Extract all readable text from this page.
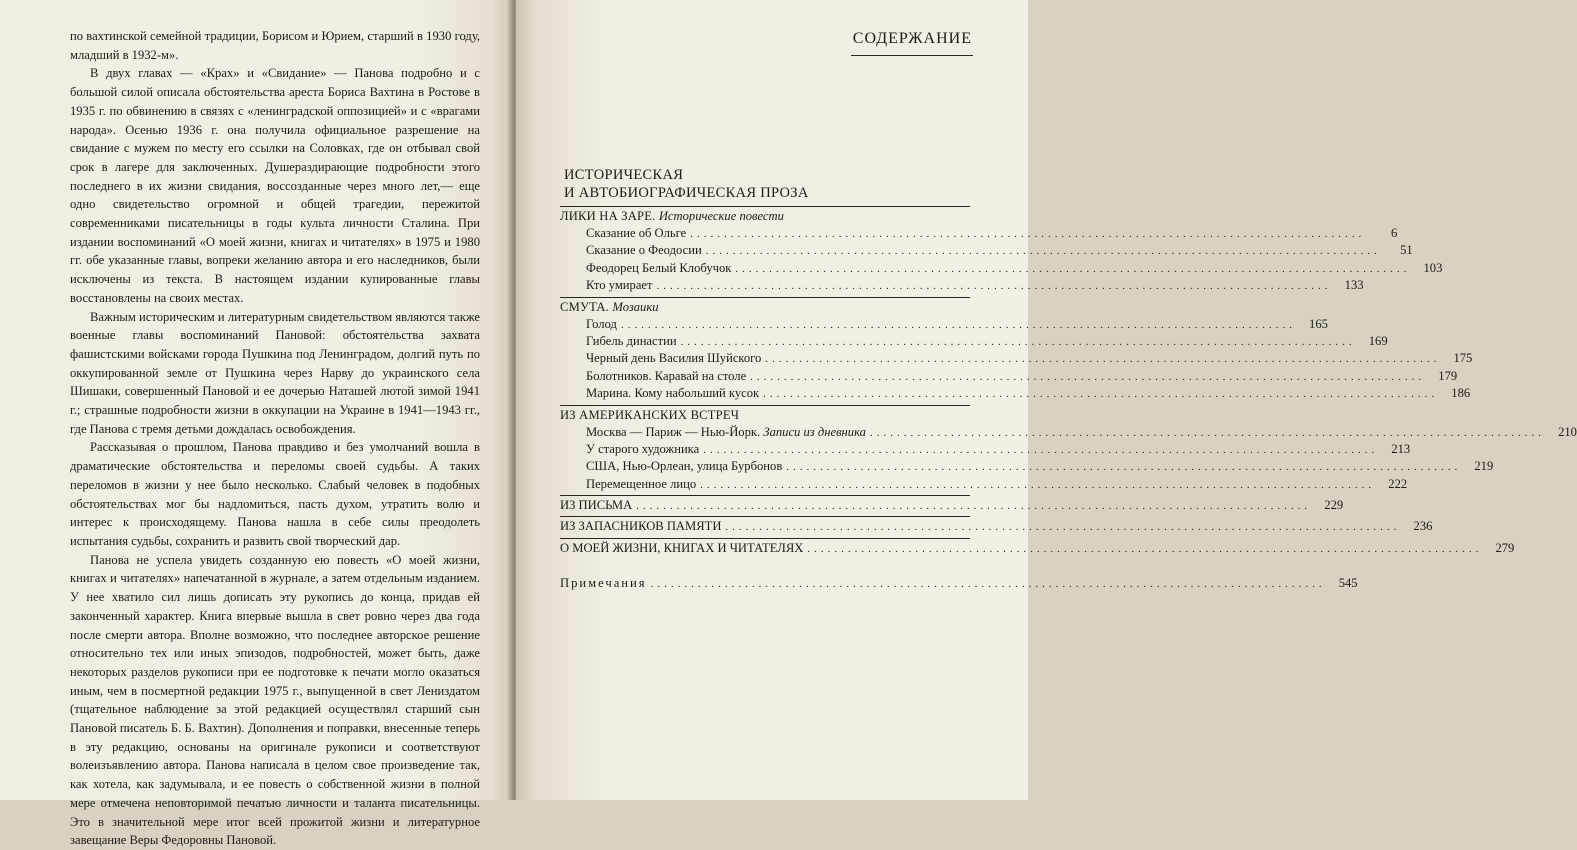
по вахтинской семейной традиции, Борисом и Юрием, старший в 1930 году, младший в 1932-м».

В двух главах — «Крах» и «Свидание» — Панова подробно и с большой силой описала обстоятельства ареста Бориса Вахтина в Ростове в 1935 г. по обвинению в связях с «ленинградской оппозицией» и с «врагами народа». Осенью 1936 г. она получила официальное разрешение на свидание с мужем по месту его ссылки на Соловках, где он отбывал свой срок в лагере для заключенных. Душераздирающие подробности этого последнего в их жизни свидания, воссозданные через много лет,— еще одно свидетельство огромной и общей трагедии, пережитой современниками писательницы в годы культа личности Сталина. При издании воспоминаний «О моей жизни, книгах и читателях» в 1975 и 1980 гг. обе указанные главы, вопреки желанию автора и его наследников, были исключены из текста. В настоящем издании купированные главы восстановлены на своих местах.

Важным историческим и литературным свидетельством являются также военные главы воспоминаний Пановой: обстоятельства захвата фашистскими войсками города Пушкина под Ленинградом, долгий путь по оккупированной земле от Пушкина через Нарву до украинского села Шишаки, совершенный Пановой и ее дочерью Наташей лютой зимой 1941 г.; страшные подробности жизни в оккупации на Украине в 1941—1943 гг., где Панова с тремя детьми дождалась освобождения.

Рассказывая о прошлом, Панова правдиво и без умолчаний вошла в драматические обстоятельства и переломы своей судьбы. А таких переломов в жизни у нее было несколько. Слабый человек в подобных обстоятельствах мог бы надломиться, пасть духом, утратить волю и интерес к происходящему. Панова нашла в себе силы преодолеть испытания судьбы, сохранить и развить свой творческий дар.

Панова не успела увидеть созданную ею повесть «О моей жизни, книгах и читателях» напечатанной в журнале, а затем отдельным изданием. У нее хватило сил лишь дописать эту рукопись до конца, придав ей законченный характер. Книга впервые вышла в свет ровно через два года после смерти автора. Вполне возможно, что последнее авторское решение относительно тех или иных эпизодов, подробностей, может быть, даже некоторых разделов рукописи при ее подготовке к печати могло оказаться иным, чем в посмертной редакции 1975 г., выпущенной в свет Лениздатом (тщательное наблюдение за этой редакцией осуществлял старший сын Пановой писатель Б. Б. Вахтин). Дополнения и поправки, внесенные теперь в эту редакцию, основаны на оригинале рукописи и соответствуют волеизъявлению автора. Панова написала в целом свое произведение так, как хотела, как задумывала, и ее повесть о собственной жизни в полной мере отмечена неповторимой печатью личности и таланта писательницы. Это в значительной мере итог всей прожитой жизни и литературное завещание Веры Федоровны Пановой.

СОДЕРЖАНИЕ
ИСТОРИЧЕСКАЯ
И АВТОБИОГРАФИЧЕСКАЯ ПРОЗА
ЛИКИ НА ЗАРЕ. Исторические повести
Сказание об Ольге ....................................................................................................	6
Сказание о Феодосии ....................................................................................................	51
Феодорец Белый Клобучок ....................................................................................................	103
Кто умирает ....................................................................................................	133
СМУТА. Мозаики
Голод ....................................................................................................	165
Гибель династии ....................................................................................................	169
Черный день Василия Шуйского ....................................................................................................	175
Болотников. Каравай на столе ....................................................................................................	179
Марина. Кому набольший кусок ....................................................................................................	186
ИЗ АМЕРИКАНСКИХ ВСТРЕЧ
Москва — Париж — Нью-Йорк. Записи из дневника ....................................................................................................	210
У старого художника ....................................................................................................	213
США, Нью-Орлеан, улица Бурбонов ....................................................................................................	219
Перемещенное лицо ....................................................................................................	222
ИЗ ПИСЬМА ....................................................................................................	229
ИЗ ЗАПАСНИКОВ ПАМЯТИ ....................................................................................................	236
О МОЕЙ ЖИЗНИ, КНИГАХ И ЧИТАТЕЛЯХ ....................................................................................................	279
Примечания ....................................................................................................	545
